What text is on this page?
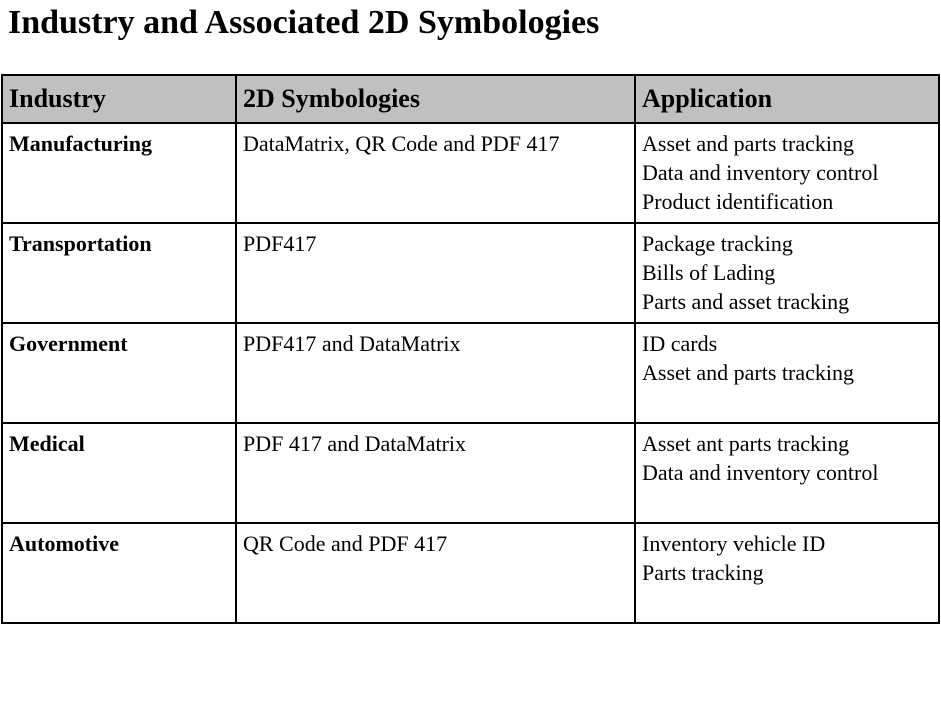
Industry and Associated 2D Symbologies
Industry	2D Symbologies	Application
Manufacturing	DataMatrix, QR Code and PDF 417	Asset and parts tracking
Data and inventory control
Product identification

Transportation	PDF417	Package tracking
Bills of Lading
Parts and asset tracking

Government	PDF417 and DataMatrix	ID cards
Asset and parts tracking

Medical	PDF 417 and DataMatrix	Asset ant parts tracking
Data and inventory control

Automotive	QR Code and PDF 417	Inventory vehicle ID
Parts tracking
